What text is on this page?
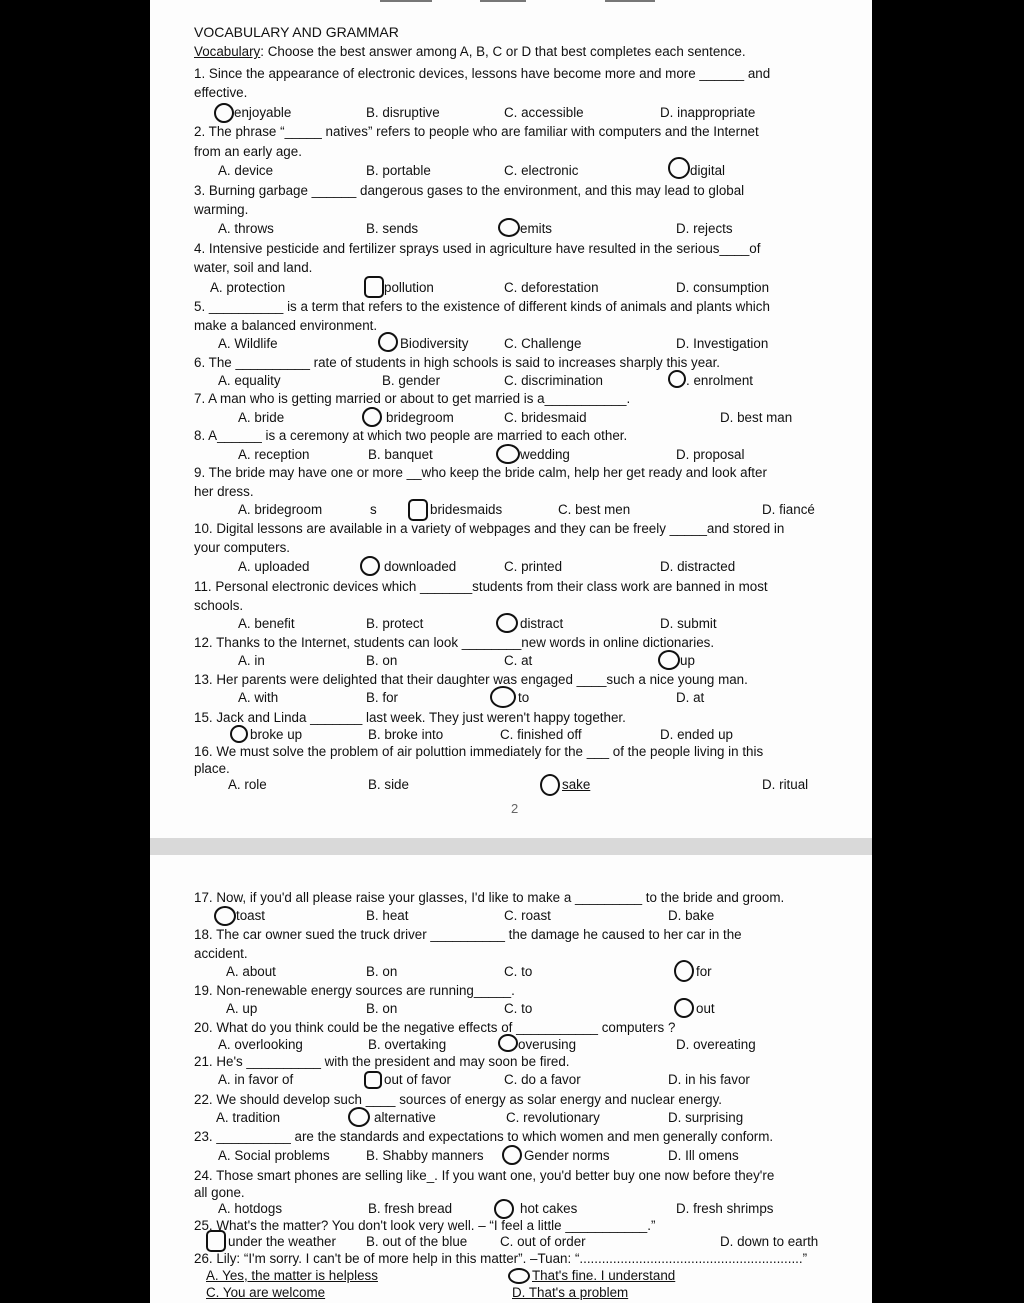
VOCABULARY AND GRAMMAR
Vocabulary: Choose the best answer among A, B, C or D that best completes each sentence.
1. Since the appearance of electronic devices, lessons have become more and more ______ and
effective.
enjoyable	B. disruptive	C. accessible	D. inappropriate
2. The phrase “_____ natives” refers to people who are familiar with computers and the Internet
from an early age.
A. device	B. portable	C. electronic	digital
3. Burning garbage ______ dangerous gases to the environment, and this may lead to global
warming.
A. throws	B. sends	emits	D. rejects
4. Intensive pesticide and fertilizer sprays used in agriculture have resulted in the serious____of
water, soil and land.
A. protection	pollution	C. deforestation	D. consumption
5. __________ is a term that refers to the existence of different kinds of animals and plants which
make a balanced environment.
A. Wildlife	Biodiversity	C. Challenge	D. Investigation
6. The __________ rate of students in high schools is said to increases sharply this year.
A. equality	B. gender	C. discrimination	. enrolment
7. A man who is getting married or about to get married is a___________.
A. bride	bridegroom	C. bridesmaid	D. best man
8. A______ is a ceremony at which two people are married to each other.
A. reception	B. banquet	wedding	D. proposal
9. The bride may have one or more __who keep the bride calm, help her get ready and look after
her dress.
A. bridegroom	s	bridesmaids	C. best men	D. fiancé
10. Digital lessons are available in a variety of webpages and they can be freely _____and stored in
your computers.
A. uploaded	downloaded	C. printed	D. distracted
11. Personal electronic devices which _______students from their class work are banned in most
schools.
A. benefit	B. protect	distract	D. submit
12. Thanks to the Internet, students can look ________new words in online dictionaries.
A. in	B. on	C. at	up
13. Her parents were delighted that their daughter was engaged ____such a nice young man.
A. with	B. for	to	D. at
15. Jack and Linda _______ last week. They just weren't happy together.
broke up	B. broke into	C. finished off	D. ended up
16. We must solve the problem of air poluttion immediately for the ___ of the people living in this
place.
A. role	B. side	sake	D. ritual
2
17. Now, if you'd all please raise your glasses, I'd like to make a _________ to the bride and groom.
toast	B. heat	C. roast	D. bake
18. The car owner sued the truck driver __________ the damage he caused to her car in the
accident.
A. about	B. on	C. to	for
19. Non-renewable energy sources are running_____.
A. up	B. on	C. to	out
20. What do you think could be the negative effects of ___________ computers ?
A. overlooking	B. overtaking	overusing	D. overeating
21. He's __________ with the president and may soon be fired.
A. in favor of	out of favor	C. do a favor	D. in his favor
22. We should develop such ____ sources of energy as solar energy and nuclear energy.
A. tradition	alternative	C. revolutionary	D. surprising
23. __________ are the standards and expectations to which women and men generally conform.
A. Social problems	B. Shabby manners	Gender norms	D. Ill omens
24. Those smart phones are selling like_. If you want one, you'd better buy one now before they're
all gone.
A. hotdogs	B. fresh bread	hot cakes	D. fresh shrimps
25. What's the matter? You don't look very well. – “I feel a little ___________.”
under the weather B. out of the blue C. out of order	D. down to earth
26. Lily: “I'm sorry. I can't be of more help in this matter”. –Tuan: “............................................................”
A. Yes, the matter is helpless	That's fine. I understand
C. You are welcome	D. That's a problem
